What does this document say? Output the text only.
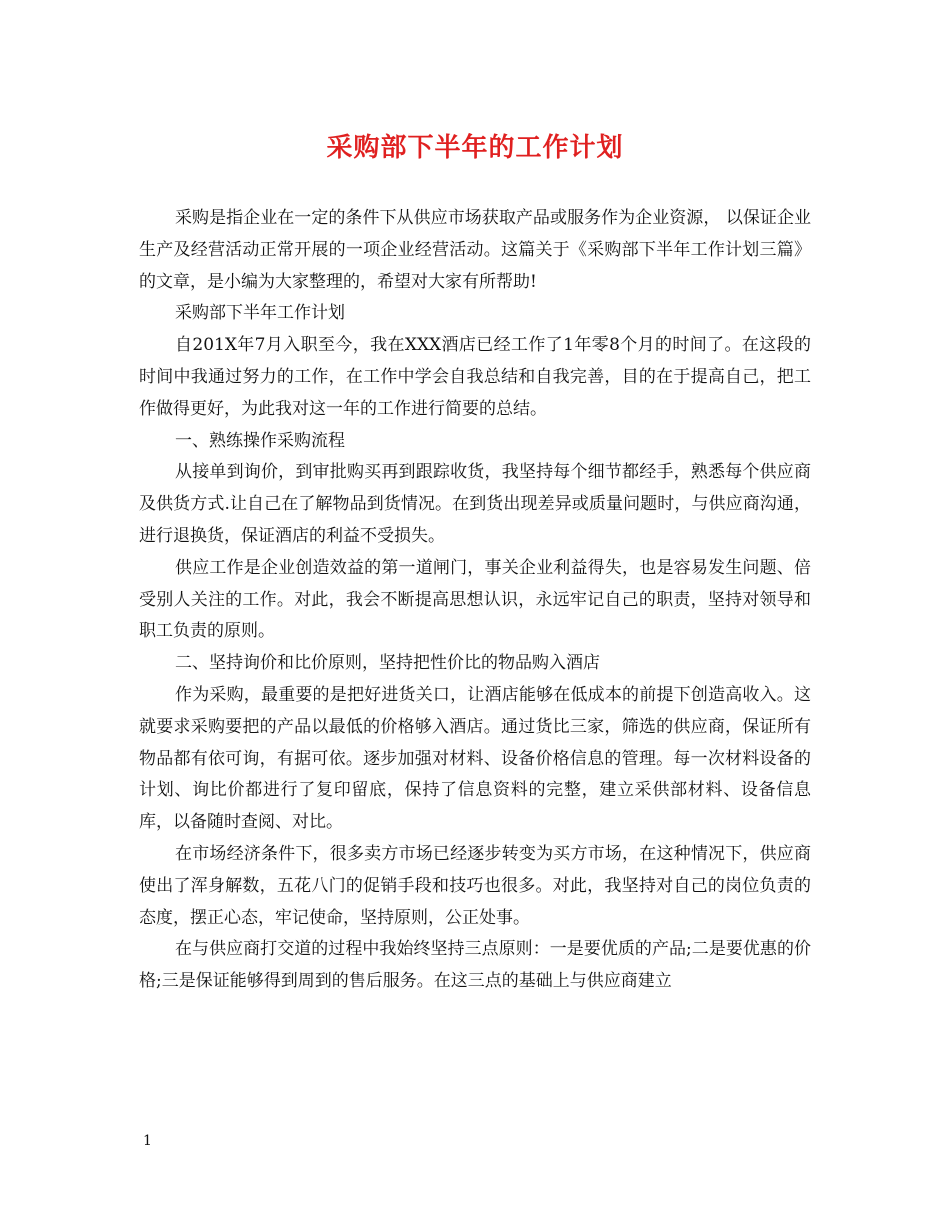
采购部下半年的工作计划

采购是指企业在一定的条件下从供应市场获取产品或服务作为企业资源， 以保证企业生产及经营活动正常开展的一项企业经营活动。这篇关于《采购部下半年工作计划三篇》的文章，是小编为大家整理的，希望对大家有所帮助!

采购部下半年工作计划

自201X年7月入职至今，我在XXX酒店已经工作了1年零8个月的时间了。在这段的时间中我通过努力的工作，在工作中学会自我总结和自我完善，目的在于提高自己，把工作做得更好，为此我对这一年的工作进行简要的总结。

一、熟练操作采购流程

从接单到询价，到审批购买再到跟踪收货，我坚持每个细节都经手，熟悉每个供应商及供货方式.让自己在了解物品到货情况。在到货出现差异或质量问题时，与供应商沟通，进行退换货，保证酒店的利益不受损失。

供应工作是企业创造效益的第一道闸门，事关企业利益得失，也是容易发生问题、倍受别人关注的工作。对此，我会不断提高思想认识，永远牢记自己的职责，坚持对领导和职工负责的原则。

二、坚持询价和比价原则，坚持把性价比的物品购入酒店

作为采购，最重要的是把好进货关口，让酒店能够在低成本的前提下创造高收入。这就要求采购要把的产品以最低的价格够入酒店。通过货比三家，筛选的供应商，保证所有物品都有依可询，有据可依。逐步加强对材料、设备价格信息的管理。每一次材料设备的计划、询比价都进行了复印留底，保持了信息资料的完整，建立采供部材料、设备信息库，以备随时查阅、对比。

在市场经济条件下，很多卖方市场已经逐步转变为买方市场，在这种情况下，供应商使出了浑身解数，五花八门的促销手段和技巧也很多。对此，我坚持对自己的岗位负责的态度，摆正心态，牢记使命，坚持原则，公正处事。

在与供应商打交道的过程中我始终坚持三点原则：一是要优质的产品;二是要优惠的价格;三是保证能够得到周到的售后服务。在这三点的基础上与供应商建立

1
